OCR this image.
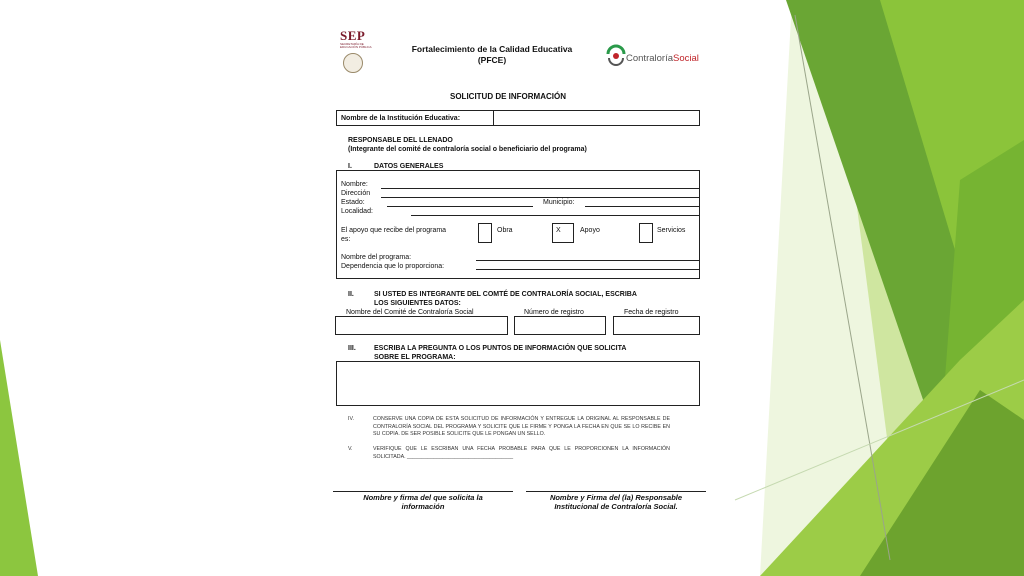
SEP
SECRETARÍA DE EDUCACIÓN PÚBLICA	Fortalecimiento de la Calidad Educativa
(PFCE)	ContraloríaSocial
SOLICITUD DE INFORMACIÓN
Nombre de la Institución Educativa:
RESPONSABLE DEL LLENADO
(Integrante del comité de contraloría social o beneficiario del programa)
I.	DATOS GENERALES
Nombre:
Dirección
Estado:	Municipio:
Localidad:
El apoyo que recibe del programa
es:
Obra	X	Apoyo	Servicios
Nombre del programa:
Dependencia que lo proporciona:
II.	SI USTED ES INTEGRANTE DEL COMTÉ DE CONTRALORÍA SOCIAL, ESCRIBA
LOS SIGUIENTES DATOS:
Nombre del Comité de Contraloría Social	Número de registro	Fecha de registro
III.	ESCRIBA LA PREGUNTA O LOS PUNTOS DE INFORMACIÓN QUE SOLICITA
SOBRE EL PROGRAMA:
IV.	CONSERVE UNA COPIA DE ESTA SOLICITUD DE INFORMACIÓN Y ENTREGUE LA ORIGINAL AL RESPONSABLE DE CONTRALORÍA SOCIAL DEL PROGRAMA Y SOLICITE QUE LE FIRME Y PONGA LA FECHA EN QUE SE LO RECIBE EN SU COPIA. DE SER POSIBLE SOLICITE QUE LE PONGAN UN SELLO.
V.	VERIFIQUE QUE LE ESCRIBAN UNA FECHA PROBABLE PARA QUE LE PROPORCIONEN LA INFORMACIÓN SOLICITADA. ____________________________________
Nombre y firma del que solicita la
información
Nombre y Firma del (la) Responsable
Institucional de Contraloría Social.
